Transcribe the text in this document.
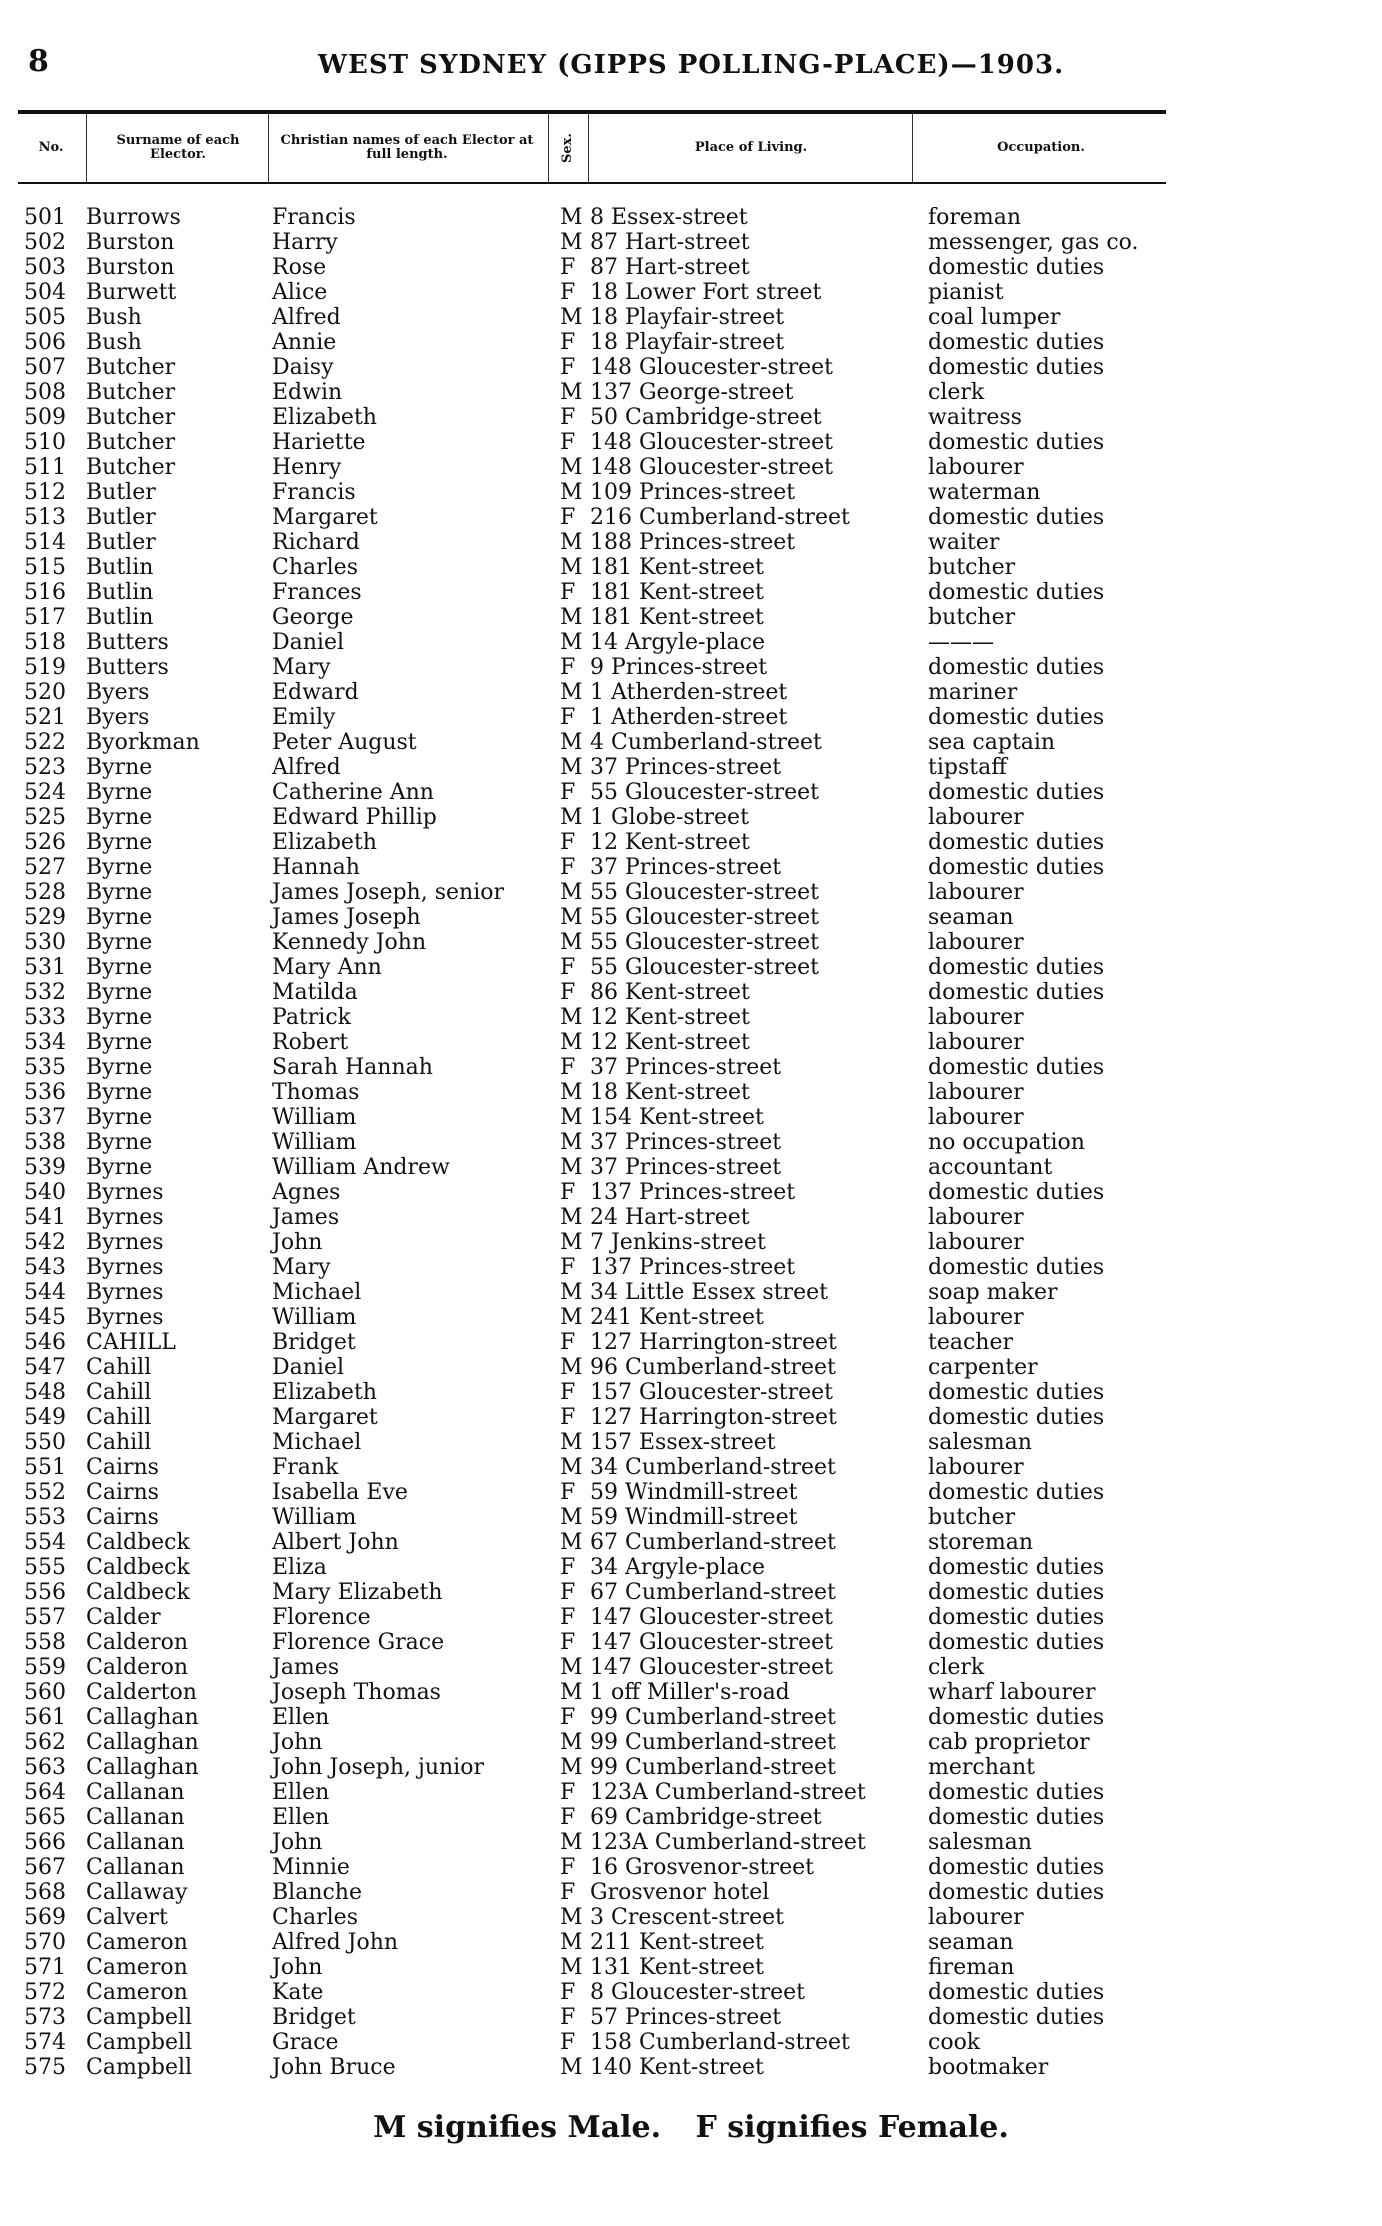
8	WEST SYDNEY (GIPPS POLLING-PLACE)—1903.
No.	Surname of each Elector.
Christian names of each Elector at full length.	Sex.	Place of Living.	Occupation.
501 Burrows	Francis	M 8 Essex-street	foreman
502 Burston	Harry	M 87 Hart-street	messenger, gas co.
503 Burston	Rose	F 87 Hart-street	domestic duties
504 Burwett	Alice	F 18 Lower Fort street	pianist
505 Bush	Alfred	M 18 Playfair-street	coal lumper
506 Bush	Annie	F 18 Playfair-street	domestic duties
507 Butcher	Daisy	F 148 Gloucester-street	domestic duties
508 Butcher	Edwin	M 137 George-street	clerk
509 Butcher	Elizabeth	F 50 Cambridge-street	waitress
510 Butcher	Hariette	F 148 Gloucester-street	domestic duties
511 Butcher	Henry	M 148 Gloucester-street	labourer
512 Butler	Francis	M 109 Princes-street	waterman
513 Butler	Margaret	F 216 Cumberland-street	domestic duties
514 Butler	Richard	M 188 Princes-street	waiter
515 Butlin	Charles	M 181 Kent-street	butcher
516 Butlin	Frances	F 181 Kent-street	domestic duties
517 Butlin	George	M 181 Kent-street	butcher
518 Butters	Daniel	M 14 Argyle-place	———
519 Butters	Mary	F 9 Princes-street	domestic duties
520 Byers	Edward	M 1 Atherden-street	mariner
521 Byers	Emily	F 1 Atherden-street	domestic duties
522 Byorkman	Peter August	M 4 Cumberland-street	sea captain
523 Byrne	Alfred	M 37 Princes-street	tipstaff
524 Byrne	Catherine Ann	F 55 Gloucester-street	domestic duties
525 Byrne	Edward Phillip	M 1 Globe-street	labourer
526 Byrne	Elizabeth	F 12 Kent-street	domestic duties
527 Byrne	Hannah	F 37 Princes-street	domestic duties
528 Byrne	James Joseph, senior	M 55 Gloucester-street	labourer
529 Byrne	James Joseph	M 55 Gloucester-street	seaman
530 Byrne	Kennedy John	M 55 Gloucester-street	labourer
531 Byrne	Mary Ann	F 55 Gloucester-street	domestic duties
532 Byrne	Matilda	F 86 Kent-street	domestic duties
533 Byrne	Patrick	M 12 Kent-street	labourer
534 Byrne	Robert	M 12 Kent-street	labourer
535 Byrne	Sarah Hannah	F 37 Princes-street	domestic duties
536 Byrne	Thomas	M 18 Kent-street	labourer
537 Byrne	William	M 154 Kent-street	labourer
538 Byrne	William	M 37 Princes-street	no occupation
539 Byrne	William Andrew	M 37 Princes-street	accountant
540 Byrnes	Agnes	F 137 Princes-street	domestic duties
541 Byrnes	James	M 24 Hart-street	labourer
542 Byrnes	John	M 7 Jenkins-street	labourer
543 Byrnes	Mary	F 137 Princes-street	domestic duties
544 Byrnes	Michael	M 34 Little Essex street	soap maker
545 Byrnes	William	M 241 Kent-street	labourer
546 CAHILL	Bridget	F 127 Harrington-street	teacher
547 Cahill	Daniel	M 96 Cumberland-street	carpenter
548 Cahill	Elizabeth	F 157 Gloucester-street	domestic duties
549 Cahill	Margaret	F 127 Harrington-street	domestic duties
550 Cahill	Michael	M 157 Essex-street	salesman
551 Cairns	Frank	M 34 Cumberland-street	labourer
552 Cairns	Isabella Eve	F 59 Windmill-street	domestic duties
553 Cairns	William	M 59 Windmill-street	butcher
554 Caldbeck	Albert John	M 67 Cumberland-street	storeman
555 Caldbeck	Eliza	F 34 Argyle-place	domestic duties
556 Caldbeck	Mary Elizabeth	F 67 Cumberland-street	domestic duties
557 Calder	Florence	F 147 Gloucester-street	domestic duties
558 Calderon	Florence Grace	F 147 Gloucester-street	domestic duties
559 Calderon	James	M 147 Gloucester-street	clerk
560 Calderton	Joseph Thomas	M 1 off Miller's-road	wharf labourer
561 Callaghan	Ellen	F 99 Cumberland-street	domestic duties
562 Callaghan	John	M 99 Cumberland-street	cab proprietor
563 Callaghan	John Joseph, junior	M 99 Cumberland-street	merchant
564 Callanan	Ellen	F 123A Cumberland-street	domestic duties
565 Callanan	Ellen	F 69 Cambridge-street	domestic duties
566 Callanan	John	M 123A Cumberland-street	salesman
567 Callanan	Minnie	F 16 Grosvenor-street	domestic duties
568 Callaway	Blanche	F Grosvenor hotel	domestic duties
569 Calvert	Charles	M 3 Crescent-street	labourer
570 Cameron	Alfred John	M 211 Kent-street	seaman
571 Cameron	John	M 131 Kent-street	fireman
572 Cameron	Kate	F 8 Gloucester-street	domestic duties
573 Campbell	Bridget	F 57 Princes-street	domestic duties
574 Campbell	Grace	F 158 Cumberland-street	cook
575 Campbell	John Bruce	M 140 Kent-street	bootmaker
M signifies Male. F signifies Female.
